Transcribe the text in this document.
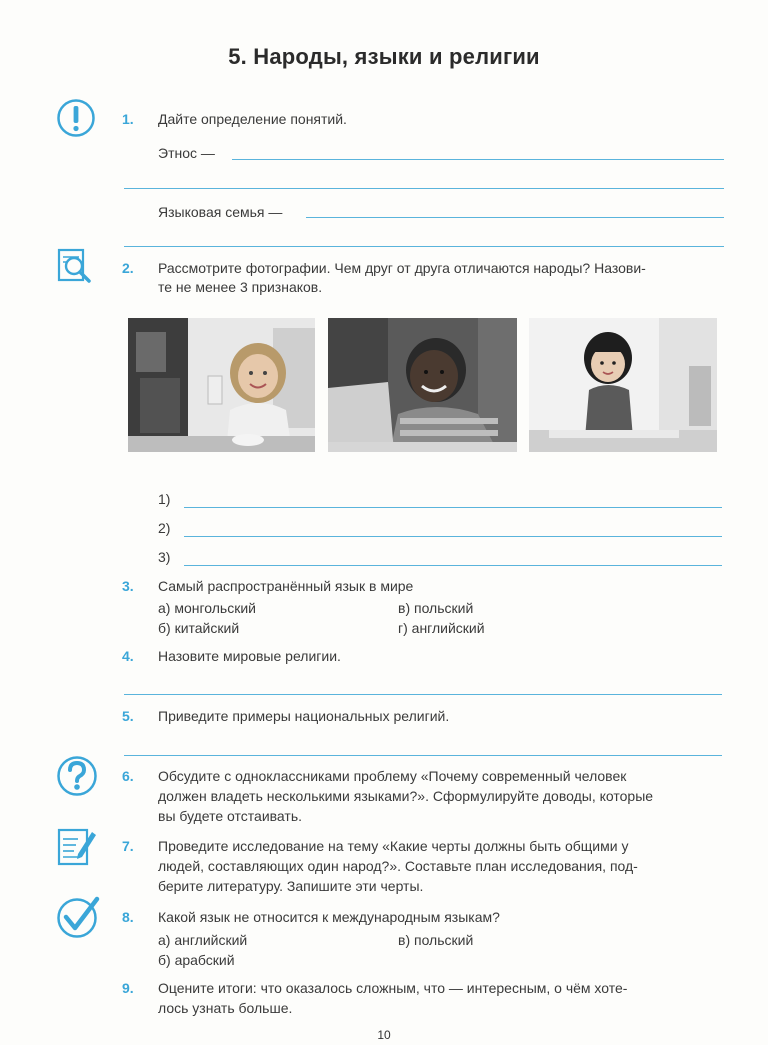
5. Народы, языки и религии
1. Дайте определение понятий.
Этнос —
Языковая семья —
2. Рассмотрите фотографии. Чем друг от друга отличаются народы? Назови-
те не менее 3 признаков.
1)
2)
3)
3. Самый распространённый язык в мире
а) монгольский
б) китайский
в) польский
г) английский
4. Назовите мировые религии.
5. Приведите примеры национальных религий.
6. Обсудите с одноклассниками проблему «Почему современный человек
должен владеть несколькими языками?». Сформулируйте доводы, которые
вы будете отстаивать.
7. Проведите исследование на тему «Какие черты должны быть общими у
людей, составляющих один народ?». Составьте план исследования, под-
берите литературу. Запишите эти черты.
8. Какой язык не относится к международным языкам?
а) английский
б) арабский
в) польский
9. Оцените итоги: что оказалось сложным, что — интересным, о чём хоте-
лось узнать больше.
10
